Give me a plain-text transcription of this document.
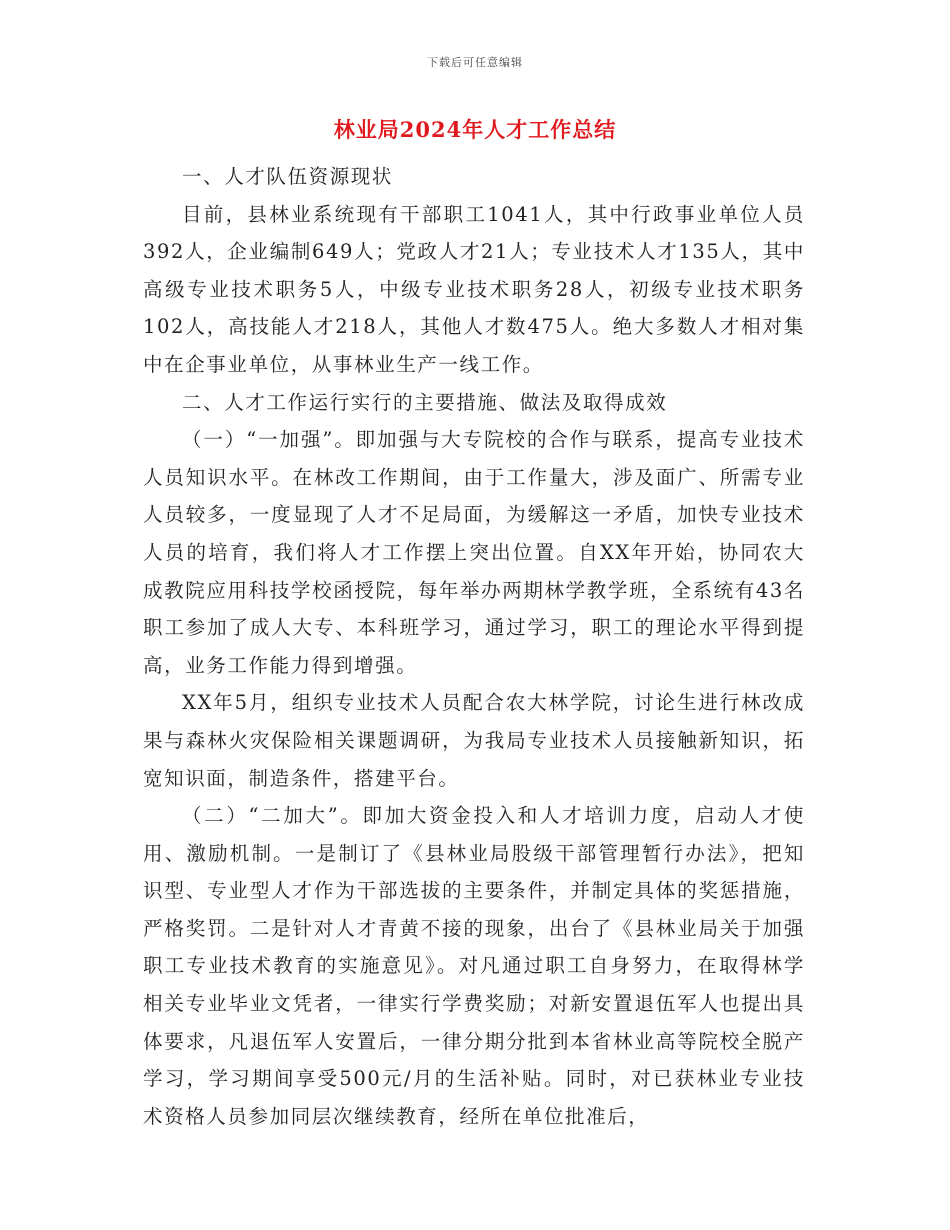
下载后可任意编辑
林业局2024年人才工作总结

一、人才队伍资源现状

目前，县林业系统现有干部职工1041人，其中行政事业单位人员392人，企业编制649人；党政人才21人；专业技术人才135人，其中高级专业技术职务5人，中级专业技术职务28人，初级专业技术职务102人，高技能人才218人，其他人才数475人。绝大多数人才相对集中在企事业单位，从事林业生产一线工作。

二、人才工作运行实行的主要措施、做法及取得成效

（一）“一加强”。即加强与大专院校的合作与联系，提高专业技术人员知识水平。在林改工作期间，由于工作量大，涉及面广、所需专业人员较多，一度显现了人才不足局面，为缓解这一矛盾，加快专业技术人员的培育，我们将人才工作摆上突出位置。自XX年开始，协同农大成教院应用科技学校函授院，每年举办两期林学教学班，全系统有43名职工参加了成人大专、本科班学习，通过学习，职工的理论水平得到提高，业务工作能力得到增强。

XX年5月，组织专业技术人员配合农大林学院，讨论生进行林改成果与森林火灾保险相关课题调研，为我局专业技术人员接触新知识，拓宽知识面，制造条件，搭建平台。

（二）“二加大”。即加大资金投入和人才培训力度，启动人才使用、激励机制。一是制订了《县林业局股级干部管理暂行办法》，把知识型、专业型人才作为干部选拔的主要条件，并制定具体的奖惩措施，严格奖罚。二是针对人才青黄不接的现象，出台了《县林业局关于加强职工专业技术教育的实施意见》。对凡通过职工自身努力，在取得林学相关专业毕业文凭者，一律实行学费奖励；对新安置退伍军人也提出具体要求，凡退伍军人安置后，一律分期分批到本省林业高等院校全脱产学习，学习期间享受500元/月的生活补贴。同时，对已获林业专业技术资格人员参加同层次继续教育，经所在单位批准后，
